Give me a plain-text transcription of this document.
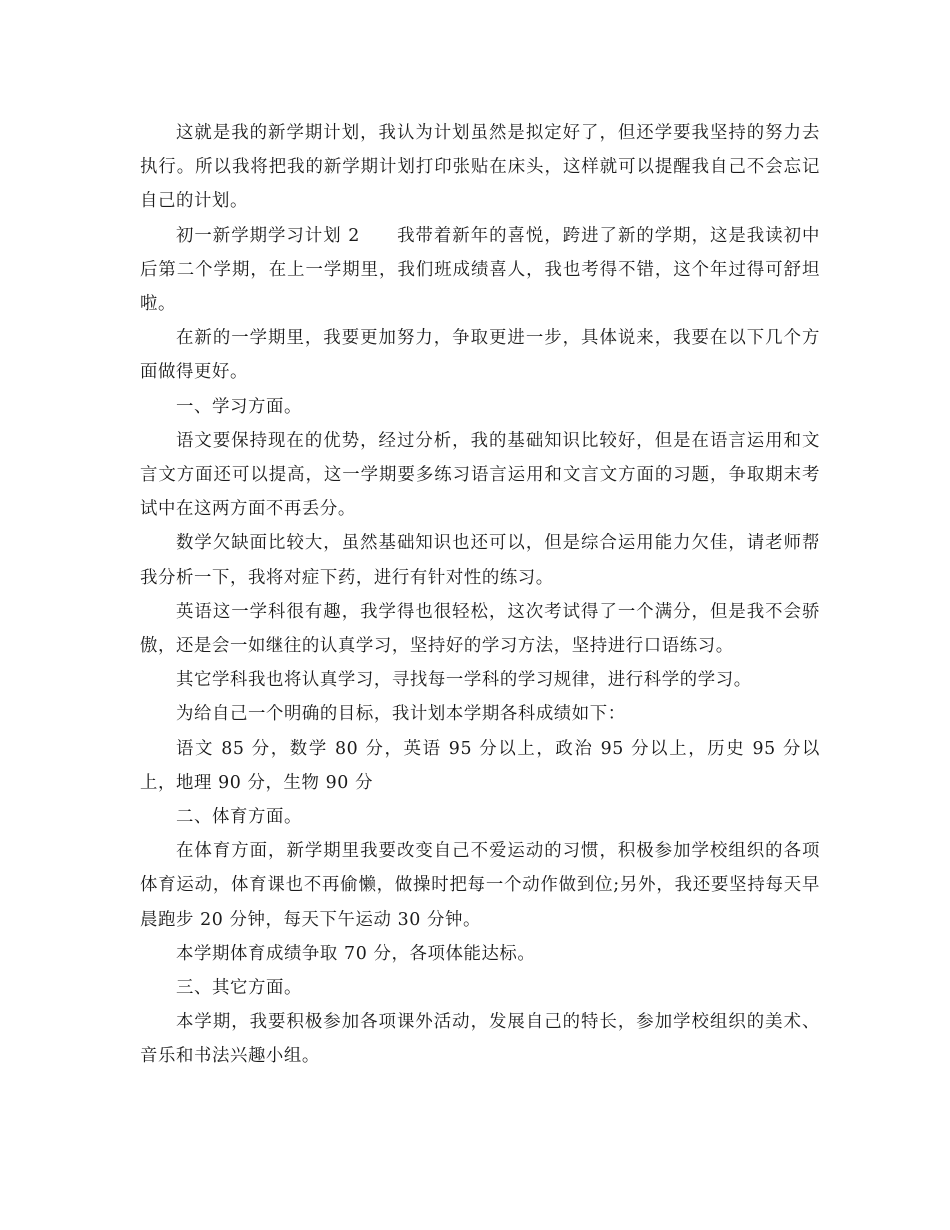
这就是我的新学期计划，我认为计划虽然是拟定好了，但还学要我坚持的努力去执行。所以我将把我的新学期计划打印张贴在床头，这样就可以提醒我自己不会忘记自己的计划。

初一新学期学习计划 2　　我带着新年的喜悦，跨进了新的学期，这是我读初中后第二个学期，在上一学期里，我们班成绩喜人，我也考得不错，这个年过得可舒坦啦。

在新的一学期里，我要更加努力，争取更进一步，具体说来，我要在以下几个方面做得更好。

一、学习方面。

语文要保持现在的优势，经过分析，我的基础知识比较好，但是在语言运用和文言文方面还可以提高，这一学期要多练习语言运用和文言文方面的习题，争取期末考试中在这两方面不再丢分。

数学欠缺面比较大，虽然基础知识也还可以，但是综合运用能力欠佳，请老师帮我分析一下，我将对症下药，进行有针对性的练习。

英语这一学科很有趣，我学得也很轻松，这次考试得了一个满分，但是我不会骄傲，还是会一如继往的认真学习，坚持好的学习方法，坚持进行口语练习。

其它学科我也将认真学习，寻找每一学科的学习规律，进行科学的学习。

为给自己一个明确的目标，我计划本学期各科成绩如下：

语文 85 分，数学 80 分，英语 95 分以上，政治 95 分以上，历史 95 分以上，地理 90 分，生物 90 分

二、体育方面。

在体育方面，新学期里我要改变自己不爱运动的习惯，积极参加学校组织的各项体育运动，体育课也不再偷懒，做操时把每一个动作做到位;另外，我还要坚持每天早晨跑步 20 分钟，每天下午运动 30 分钟。

本学期体育成绩争取 70 分，各项体能达标。

三、其它方面。

本学期，我要积极参加各项课外活动，发展自己的特长，参加学校组织的美术、音乐和书法兴趣小组。
